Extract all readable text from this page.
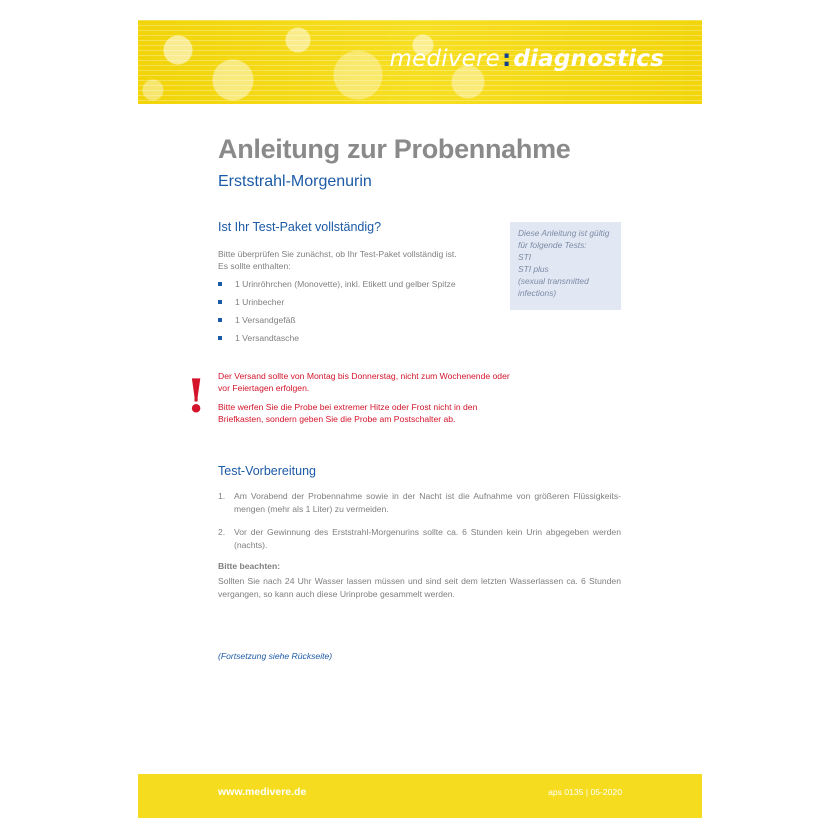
medivere:diagnostics
Anleitung zur Probennahme
Erststrahl-Morgenurin
Ist Ihr Test-Paket vollständig?
Bitte überprüfen Sie zunächst, ob Ihr Test-Paket vollständig ist.
Es sollte enthalten:
1 Urinröhrchen (Monovette), inkl. Etikett und gelber Spitze
1 Urinbecher
1 Versandgefäß
1 Versandtasche
Diese Anleitung ist gültig
für folgende Tests:
STI
STI plus
(sexual transmitted
infections)
! Der Versand sollte von Montag bis Donnerstag, nicht zum Wochenende oder vor Feiertagen erfolgen.
Bitte werfen Sie die Probe bei extremer Hitze oder Frost nicht in den Briefkasten, sondern geben Sie die Probe am Postschalter ab.
Test-Vorbereitung
1. Am Vorabend der Probennahme sowie in der Nacht ist die Aufnahme von größeren Flüssigkeits-mengen (mehr als 1 Liter) zu vermeiden.
2. Vor der Gewinnung des Erststrahl-Morgenurins sollte ca. 6 Stunden kein Urin abgegeben werden (nachts).
Bitte beachten:
Sollten Sie nach 24 Uhr Wasser lassen müssen und sind seit dem letzten Wasserlassen ca. 6 Stunden vergangen, so kann auch diese Urinprobe gesammelt werden.
(Fortsetzung siehe Rückseite)
www.medivere.de	aps 0135 | 05-2020
